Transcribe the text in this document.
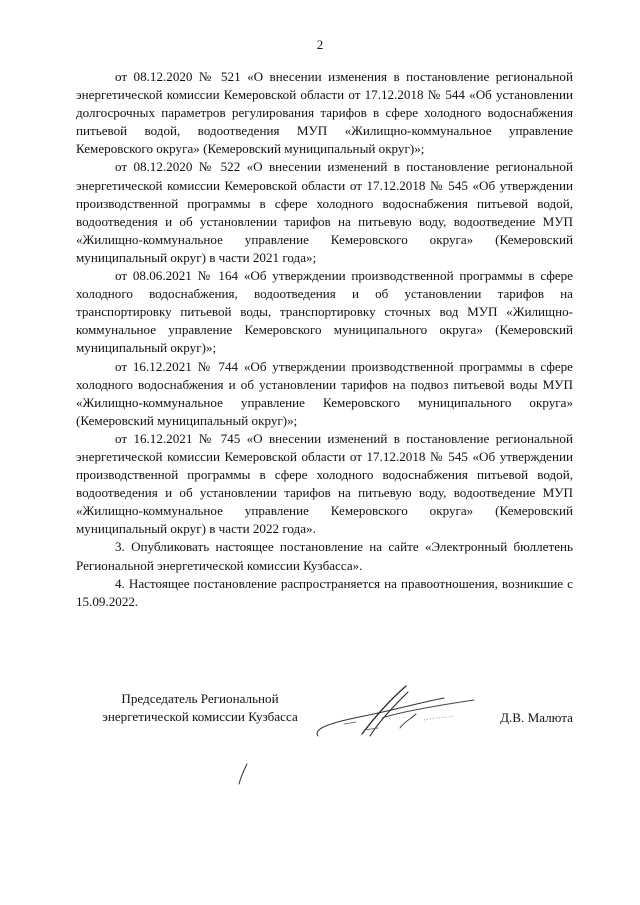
2

от 08.12.2020 № 521 «О внесении изменения в постановление региональной энергетической комиссии Кемеровской области от 17.12.2018 № 544 «Об установлении долгосрочных параметров регулирования тарифов в сфере холодного водоснабжения питьевой водой, водоотведения МУП «Жилищно-коммунальное управление Кемеровского округа» (Кемеровский муниципальный округ)»;

от 08.12.2020 № 522 «О внесении изменений в постановление региональной энергетической комиссии Кемеровской области от 17.12.2018 № 545 «Об утверждении производственной программы в сфере холодного водоснабжения питьевой водой, водоотведения и об установлении тарифов на питьевую воду, водоотведение МУП «Жилищно-коммунальное управление Кемеровского округа» (Кемеровский муниципальный округ) в части 2021 года»;

от 08.06.2021 № 164 «Об утверждении производственной программы в сфере холодного водоснабжения, водоотведения и об установлении тарифов на транспортировку питьевой воды, транспортировку сточных вод МУП «Жилищно-коммунальное управление Кемеровского муниципального округа» (Кемеровский муниципальный округ)»;

от 16.12.2021 № 744 «Об утверждении производственной программы в сфере холодного водоснабжения и об установлении тарифов на подвоз питьевой воды МУП «Жилищно-коммунальное управление Кемеровского муниципального округа» (Кемеровский муниципальный округ)»;

от 16.12.2021 № 745 «О внесении изменений в постановление региональной энергетической комиссии Кемеровской области от 17.12.2018 № 545 «Об утверждении производственной программы в сфере холодного водоснабжения питьевой водой, водоотведения и об установлении тарифов на питьевую воду, водоотведение МУП «Жилищно-коммунальное управление Кемеровского округа» (Кемеровский муниципальный округ) в части 2022 года».

3. Опубликовать настоящее постановление на сайте «Электронный бюллетень Региональной энергетической комиссии Кузбасса».

4. Настоящее постановление распространяется на правоотношения, возникшие с 15.09.2022.

Председатель Региональной
энергетической комиссии Кузбасса	Д.В. Малюта
